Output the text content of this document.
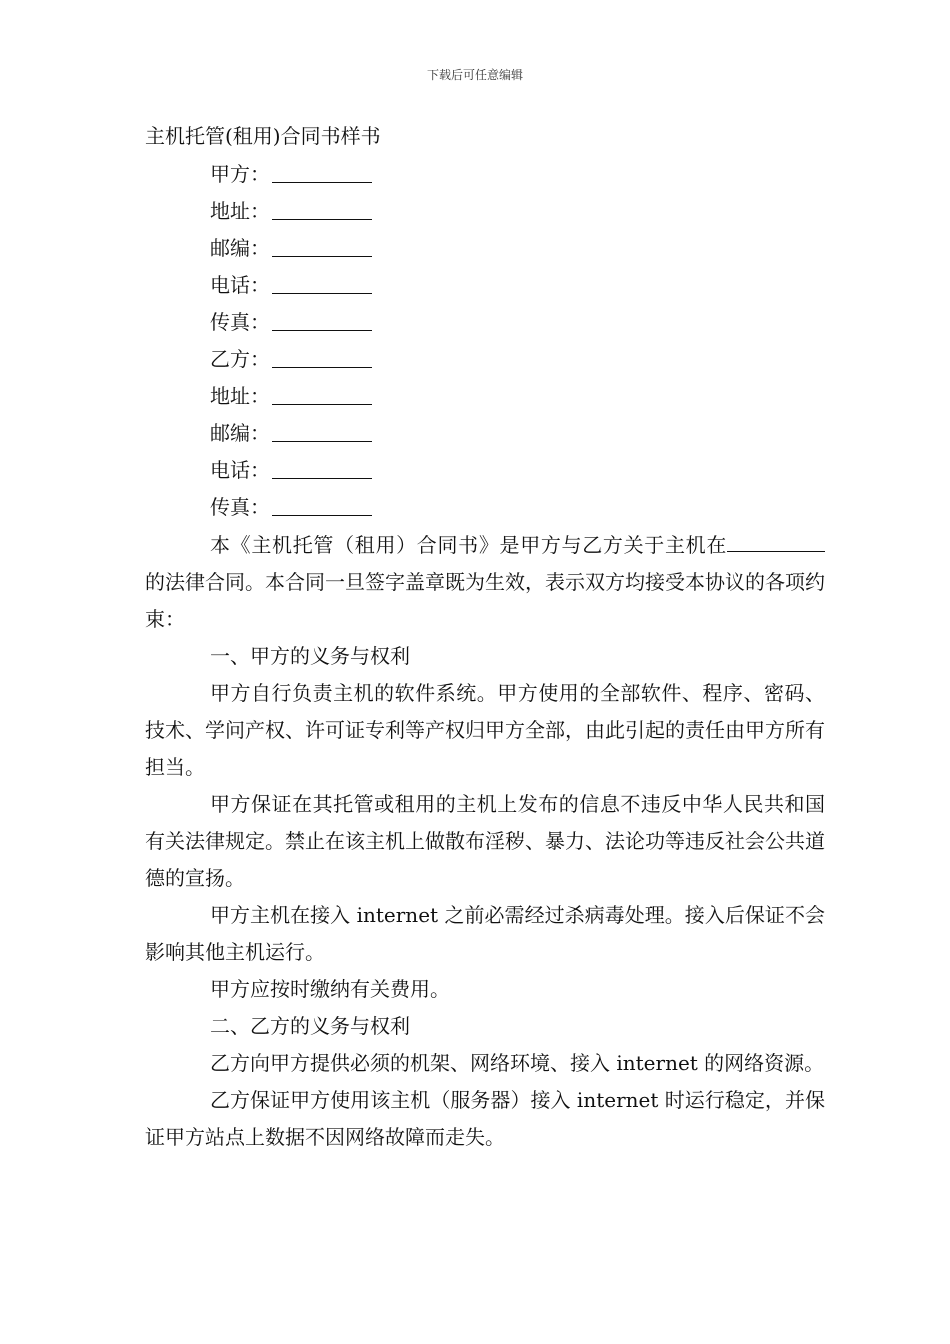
下载后可任意编辑
主机托管(租用)合同书样书
甲方：
地址：
邮编：
电话：
传真：
乙方：
地址：
邮编：
电话：
传真：

本《主机托管（租用）合同书》是甲方与乙方关于主机在的法律合同。本合同一旦签字盖章既为生效，表示双方均接受本协议的各项约束：

一、甲方的义务与权利

甲方自行负责主机的软件系统。甲方使用的全部软件、程序、密码、技术、学问产权、许可证专利等产权归甲方全部，由此引起的责任由甲方所有担当。

甲方保证在其托管或租用的主机上发布的信息不违反中华人民共和国有关法律规定。禁止在该主机上做散布淫秽、暴力、法论功等违反社会公共道德的宣扬。

甲方主机在接入 internet 之前必需经过杀病毒处理。接入后保证不会影响其他主机运行。

甲方应按时缴纳有关费用。

二、乙方的义务与权利

乙方向甲方提供必须的机架、网络环境、接入 internet 的网络资源。

乙方保证甲方使用该主机（服务器）接入 internet 时运行稳定，并保证甲方站点上数据不因网络故障而走失。
